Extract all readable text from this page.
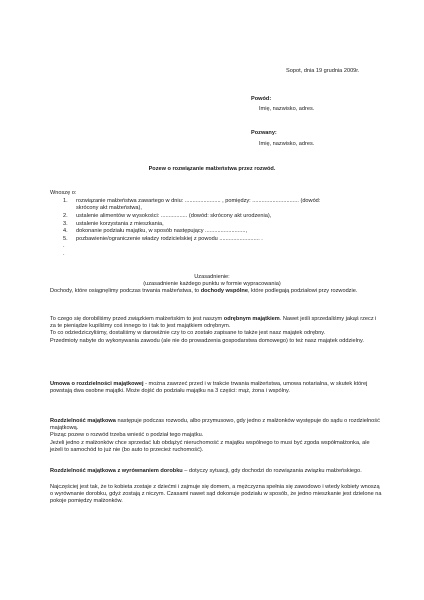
Sopot, dnia 19 grudnia 2009r.
Powód:
Imię, nazwisko, adres.
Pozwany:
Imię, nazwisko, adres.
Pozew o rozwiązanie małżeństwa przez rozwód.
Wnoszę o:
1. rozwiązanie małżeństwa zawartego w dniu: ....................... , pomiędzy: .............................. (dowód:
skrócony akt małżeństwa),
2. ustalenie alimentów w wysokości: ................. (dowód: skrócony akt urodzenia),
3. ustalenie korzystania z mieszkania,
4. dokonanie podziału majątku, w sposób następujący ..........................,
5. pozbawienie/ograniczenie władzy rodzicielskiej z powodu .......................... .
.
.
Uzasadnienie:
(uzasadnienie każdego punktu w formie wypracowania)
Dochody, które osiągnęlimy podczas trwania małżeństwa, to dochody wspólne, które podlegają podziałowi przy rozwodzie.
To czego się dorobiliśmy przed związkiem małżeńskim to jest naszym odrębnym majątkiem. Nawet jeśli sprzedaliśmy jakąś rzecz i za te pieniądze kupiliśmy coś innego to i tak to jest majątkiem odrębnym.
To co odziedziczyliśmy, dostaliśmy w darowiźnie czy to co zostało zapisane to także jest nasz majątek odrębny.
Przedmioty nabyte do wykonywania zawodu (ale nie do prowadzenia gospodarstwa domowego) to też nasz majątek oddzielny.
Umowa o rozdzielności majątkowej - można zawrzeć przed i w trakcie trwania małżeństwa, umowa notarialna, w skutek której powstają dwa osobne majątki. Może dojść do podziału majątku na 3 części: mąż, żona i wspólny.
Rozdzielność majątkowa następuje podczas rozwodu, albo przymusowo, gdy jedno z małżonków występuje do sądu o rozdzielność majątkową.
Pisząc pozew o rozwód trzeba wnieść o podział tego majątku.
Jeżeli jedno z małżonków chce sprzedać lub obdążyć nieruchomość z majątku wspólnego to musi być zgoda współmałżonka, ale jeżeli to samochód to już nie (bo auto to przecież ruchomość).
Rozdzielność majątkowa z wyrównaniem dorobku – dotyczy sytuacji, gdy dochodzi do rozwiązania związku małżeńskiego.
Najczęściej jest tak, że to kobieta zostaje z dziećmi i zajmuje się domem, a mężczyzna spełnia się zawodowo i wtedy kobiety wnoszą o wyrównanie dorobku, gdyż zostają z niczym. Czasami nawet sąd dokonuje podziału w sposób, że jedno mieszkanie jest dzielone na pokoje pomiędzy małżonków.
